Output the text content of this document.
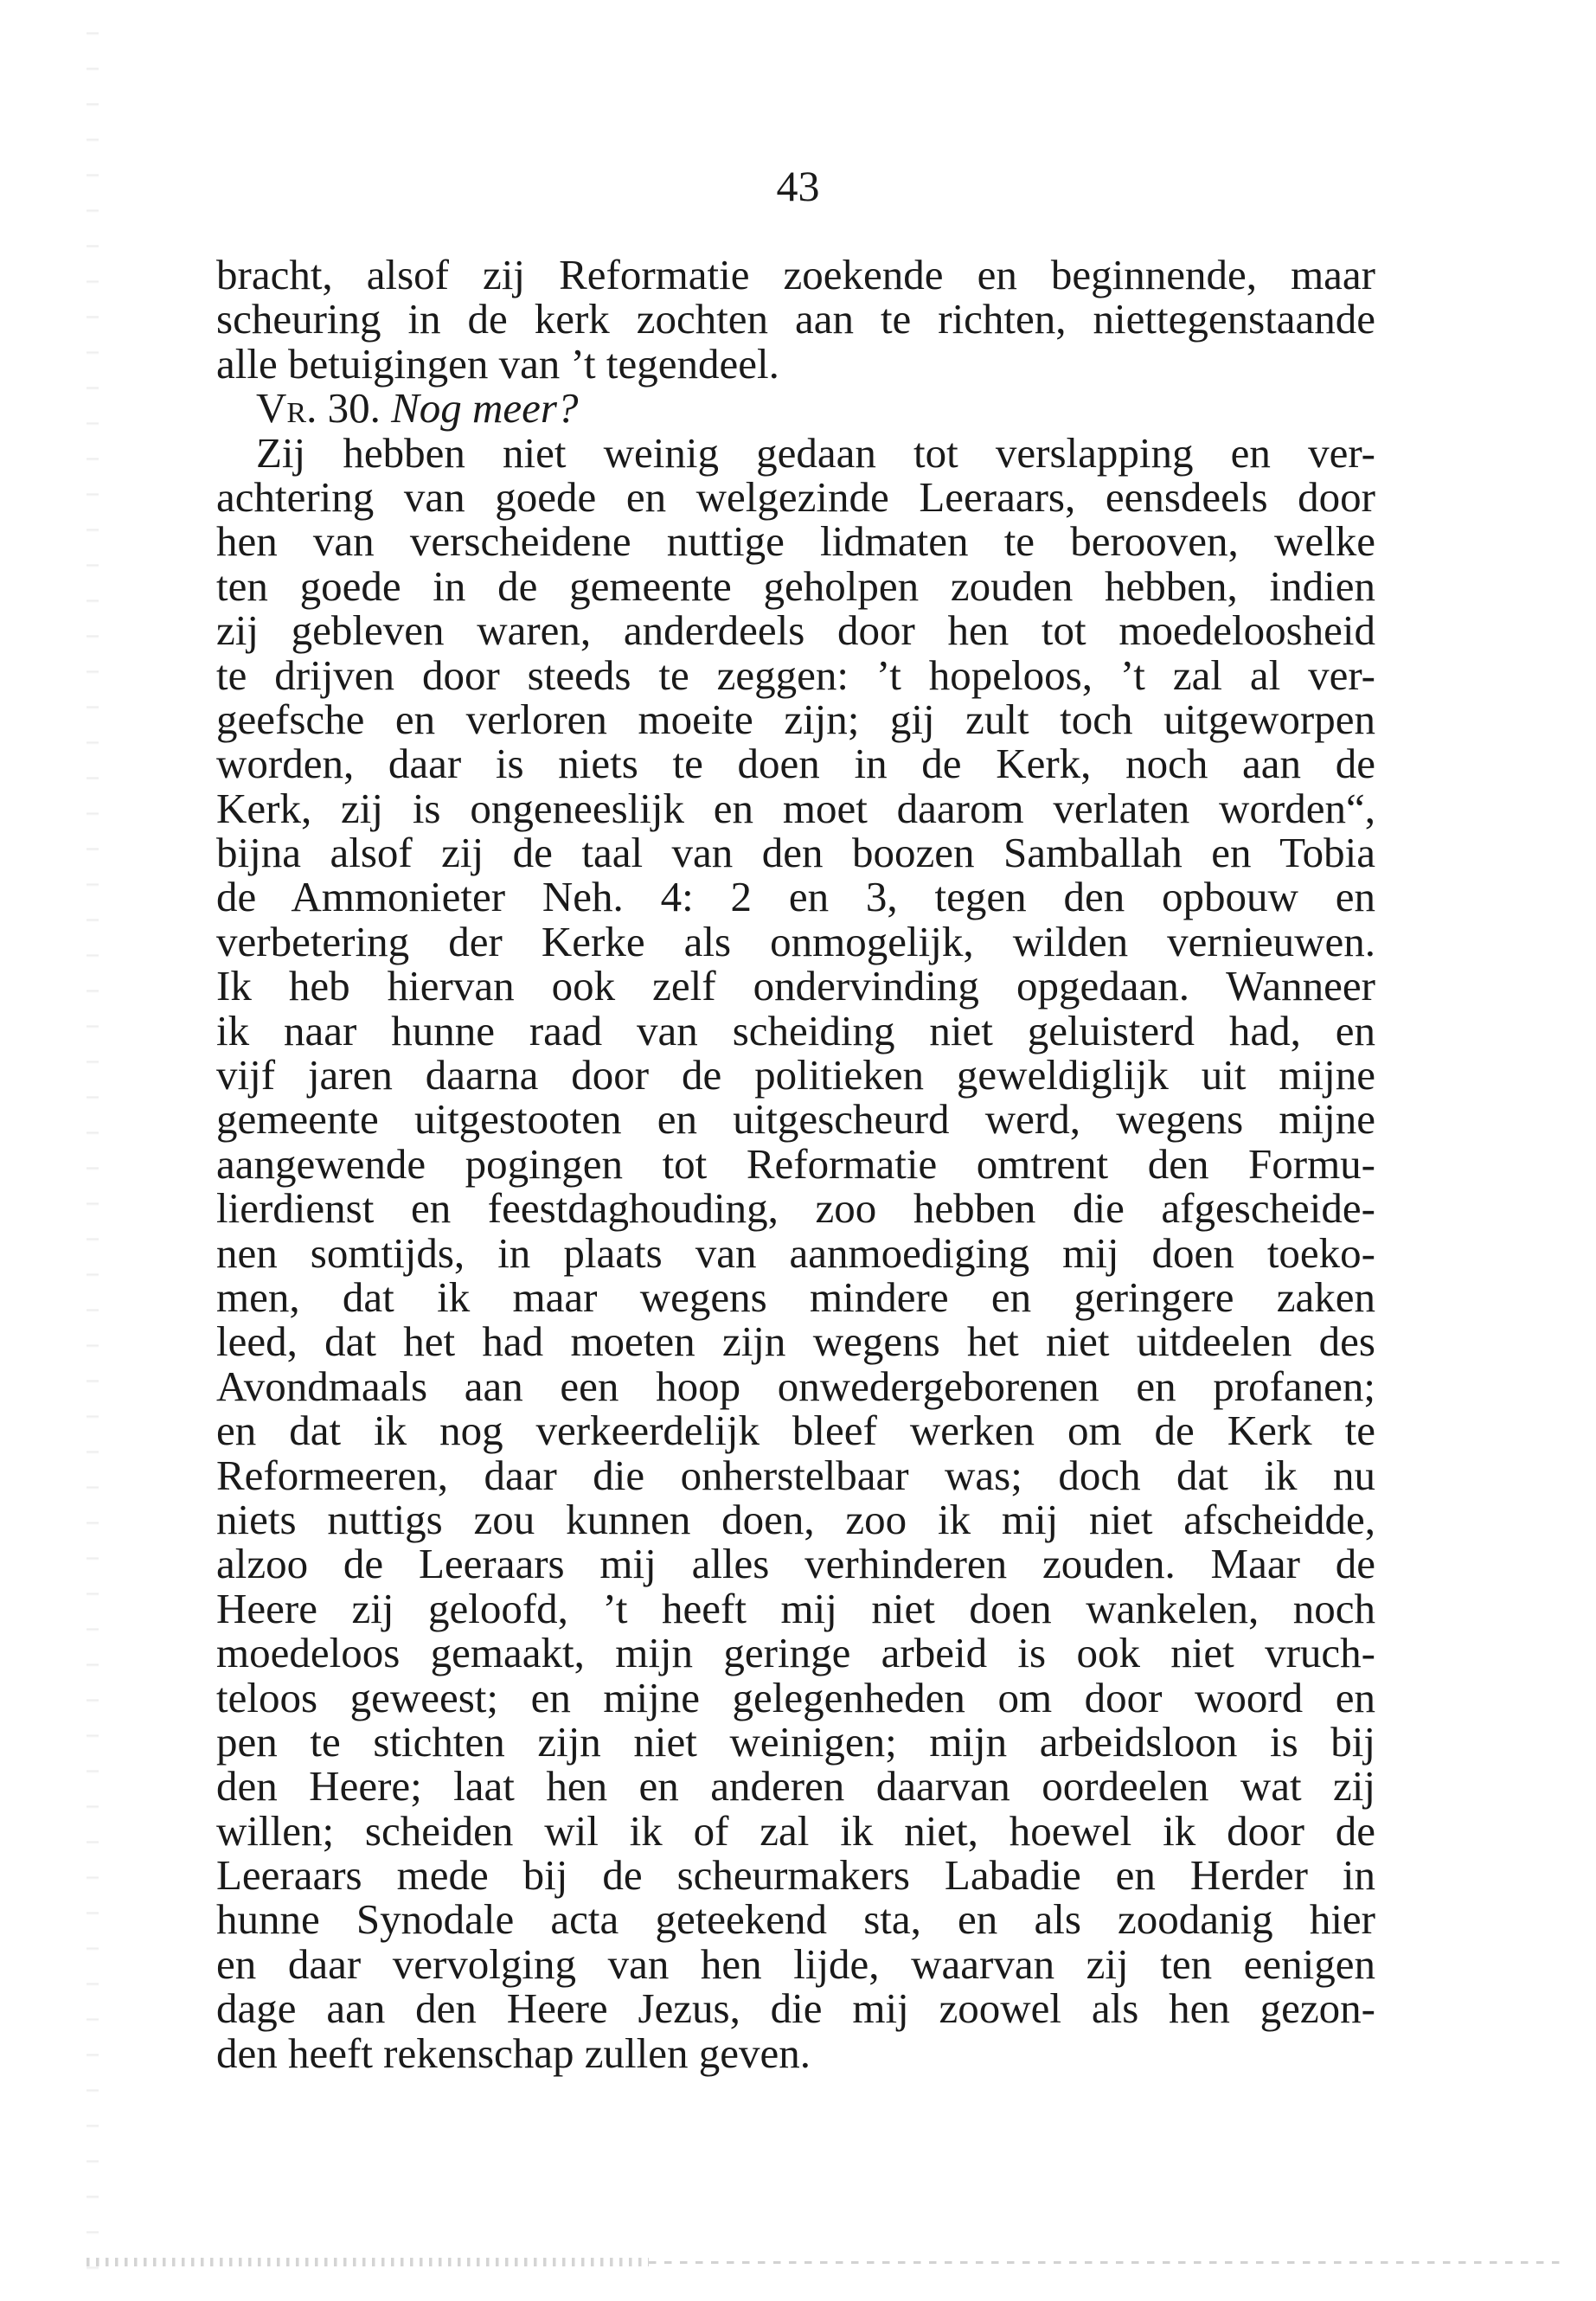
43
bracht, alsof zij Reformatie zoekende en beginnende, maar
scheuring in de kerk zochten aan te richten, niettegenstaande
alle betuigingen van ’t tegendeel.
Vr. 30. Nog meer?
Zij hebben niet weinig gedaan tot verslapping en ver-
achtering van goede en welgezinde Leeraars, eensdeels door
hen van verscheidene nuttige lidmaten te berooven, welke
ten goede in de gemeente geholpen zouden hebben, indien
zij gebleven waren, anderdeels door hen tot moedeloosheid
te drijven door steeds te zeggen: ’t hopeloos, ’t zal al ver-
geefsche en verloren moeite zijn; gij zult toch uitgeworpen
worden, daar is niets te doen in de Kerk, noch aan de
Kerk, zij is ongeneeslijk en moet daarom verlaten worden“,
bijna alsof zij de taal van den boozen Samballah en Tobia
de Ammonieter Neh. 4: 2 en 3, tegen den opbouw en
verbetering der Kerke als onmogelijk, wilden vernieuwen.
Ik heb hiervan ook zelf ondervinding opgedaan. Wanneer
ik naar hunne raad van scheiding niet geluisterd had, en
vijf jaren daarna door de politieken geweldiglijk uit mijne
gemeente uitgestooten en uitgescheurd werd, wegens mijne
aangewende pogingen tot Reformatie omtrent den Formu-
lierdienst en feestdaghouding, zoo hebben die afgescheide-
nen somtijds, in plaats van aanmoediging mij doen toeko-
men, dat ik maar wegens mindere en geringere zaken
leed, dat het had moeten zijn wegens het niet uitdeelen des
Avondmaals aan een hoop onwedergeborenen en profanen;
en dat ik nog verkeerdelijk bleef werken om de Kerk te
Reformeeren, daar die onherstelbaar was; doch dat ik nu
niets nuttigs zou kunnen doen, zoo ik mij niet afscheidde,
alzoo de Leeraars mij alles verhinderen zouden. Maar de
Heere zij geloofd, ’t heeft mij niet doen wankelen, noch
moedeloos gemaakt, mijn geringe arbeid is ook niet vruch-
teloos geweest; en mijne gelegenheden om door woord en
pen te stichten zijn niet weinigen; mijn arbeidsloon is bij
den Heere; laat hen en anderen daarvan oordeelen wat zij
willen; scheiden wil ik of zal ik niet, hoewel ik door de
Leeraars mede bij de scheurmakers Labadie en Herder in
hunne Synodale acta geteekend sta, en als zoodanig hier
en daar vervolging van hen lijde, waarvan zij ten eenigen
dage aan den Heere Jezus, die mij zoowel als hen gezon-
den heeft rekenschap zullen geven.
